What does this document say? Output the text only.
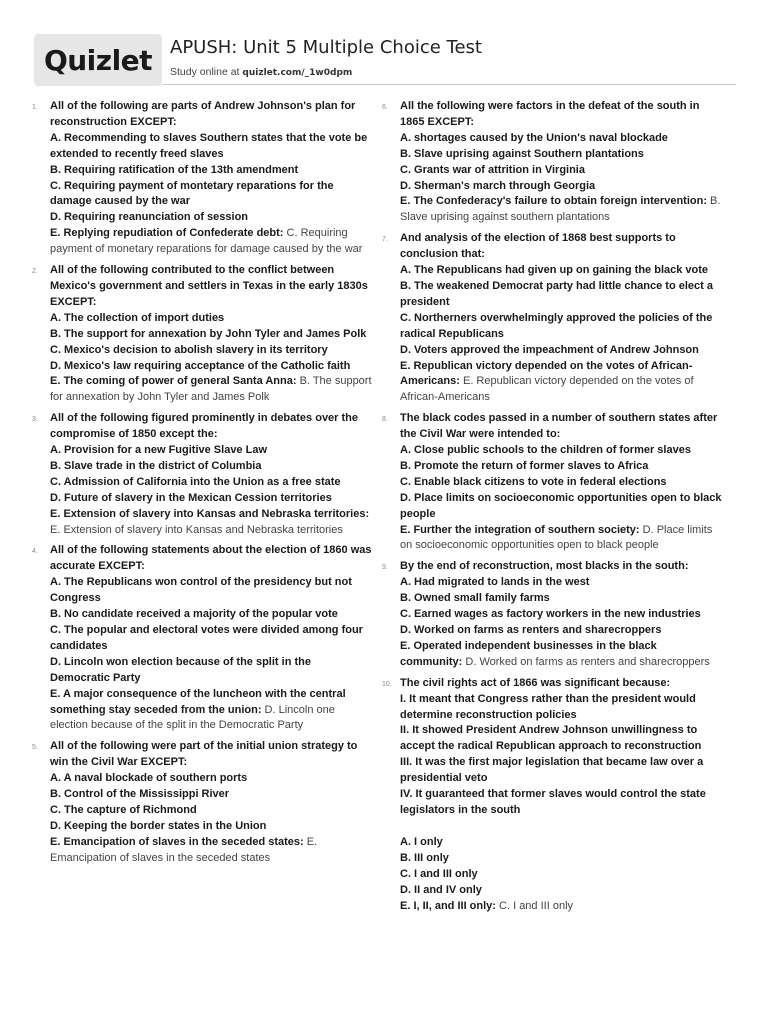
Quizlet APUSH: Unit 5 Multiple Choice Test
Study online at quizlet.com/_1w0dpm
1. All of the following are parts of Andrew Johnson's plan for reconstruction EXCEPT:
A. Recommending to slaves Southern states that the vote be extended to recently freed slaves
B. Requiring ratification of the 13th amendment
C. Requiring payment of montetary reparations for the damage caused by the war
D. Requiring reanunciation of session
E. Replying repudiation of Confederate debt: C. Requiring payment of monetary reparations for damage caused by the war
2. All of the following contributed to the conflict between Mexico's government and settlers in Texas in the early 1830s EXCEPT:
A. The collection of import duties
B. The support for annexation by John Tyler and James Polk
C. Mexico's decision to abolish slavery in its territory
D. Mexico's law requiring acceptance of the Catholic faith
E. The coming of power of general Santa Anna: B. The support for annexation by John Tyler and James Polk
3. All of the following figured prominently in debates over the compromise of 1850 except the:
A. Provision for a new Fugitive Slave Law
B. Slave trade in the district of Columbia
C. Admission of California into the Union as a free state
D. Future of slavery in the Mexican Cession territories
E. Extension of slavery into Kansas and Nebraska territories: E. Extension of slavery into Kansas and Nebraska territories
4. All of the following statements about the election of 1860 was accurate EXCEPT:
A. The Republicans won control of the presidency but not Congress
B. No candidate received a majority of the popular vote
C. The popular and electoral votes were divided among four candidates
D. Lincoln won election because of the split in the Democratic Party
E. A major consequence of the luncheon with the central something stay seceded from the union: D. Lincoln one election because of the split in the Democratic Party
5. All of the following were part of the initial union strategy to win the Civil War EXCEPT:
A. A naval blockade of southern ports
B. Control of the Mississippi River
C. The capture of Richmond
D. Keeping the border states in the Union
E. Emancipation of slaves in the seceded states: E. Emancipation of slaves in the seceded states
6. All the following were factors in the defeat of the south in 1865 EXCEPT:
A. shortages caused by the Union's naval blockade
B. Slave uprising against Southern plantations
C. Grants war of attrition in Virginia
D. Sherman's march through Georgia
E. The Confederacy's failure to obtain foreign intervention: B. Slave uprising against southern plantations
7. And analysis of the election of 1868 best supports to conclusion that:
A. The Republicans had given up on gaining the black vote
B. The weakened Democrat party had little chance to elect a president
C. Northerners overwhelmingly approved the policies of the radical Republicans
D. Voters approved the impeachment of Andrew Johnson
E. Republican victory depended on the votes of African-Americans: E. Republican victory depended on the votes of African-Americans
8. The black codes passed in a number of southern states after the Civil War were intended to:
A. Close public schools to the children of former slaves
B. Promote the return of former slaves to Africa
C. Enable black citizens to vote in federal elections
D. Place limits on socioeconomic opportunities open to black people
E. Further the integration of southern society: D. Place limits on socioeconomic opportunities open to black people
9. By the end of reconstruction, most blacks in the south:
A. Had migrated to lands in the west
B. Owned small family farms
C. Earned wages as factory workers in the new industries
D. Worked on farms as renters and sharecroppers
E. Operated independent businesses in the black community: D. Worked on farms as renters and sharecroppers
10. The civil rights act of 1866 was significant because:
I. It meant that Congress rather than the president would determine reconstruction policies
II. It showed President Andrew Johnson unwillingness to accept the radical Republican approach to reconstruction
III. It was the first major legislation that became law over a presidential veto
IV. It guaranteed that former slaves would control the state legislators in the south
A. I only
B. III only
C. I and III only
D. II and IV only
E. I, II, and III only: C. I and III only
